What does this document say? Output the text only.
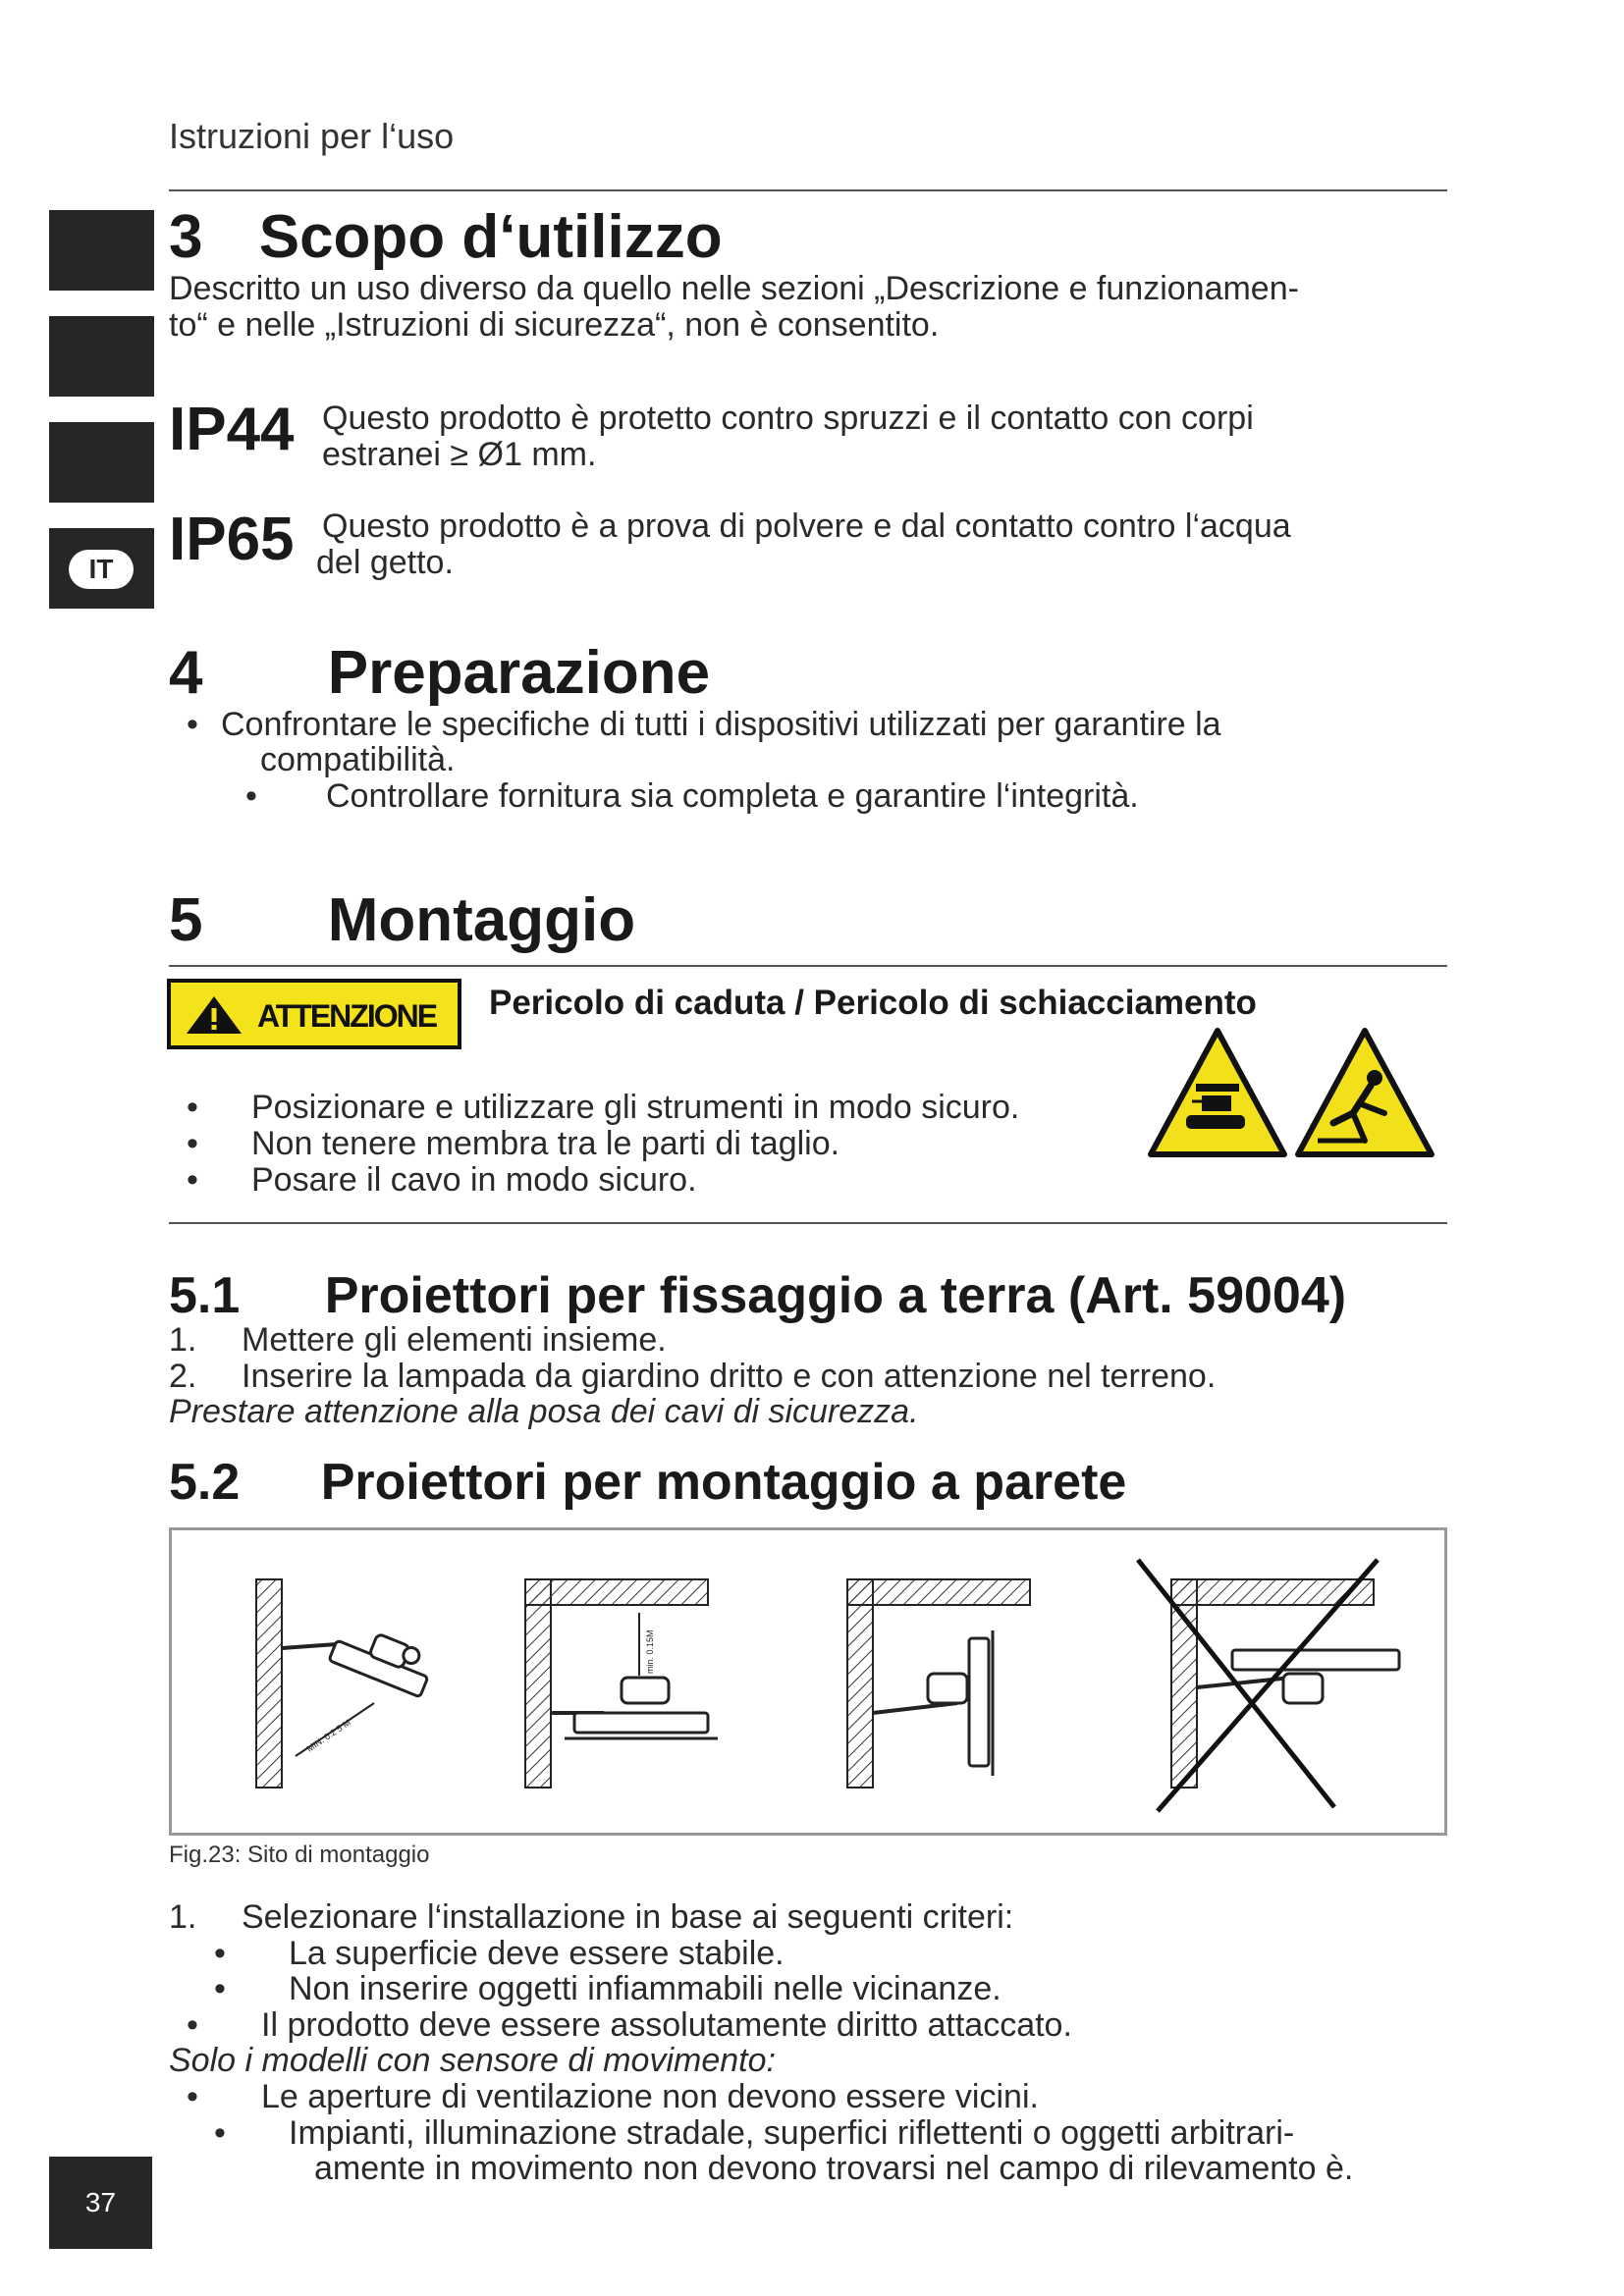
Istruzioni per l‘uso
IT
3 Scopo d‘utilizzo
Descritto un uso diverso da quello nelle sezioni „Descrizione e funzionamen-
to“ e nelle „Istruzioni di sicurezza“, non è consentito.
IP44 Questo prodotto è protetto contro spruzzi e il contatto con corpi
estranei ≥ Ø1 mm.
IP65 Questo prodotto è a prova di polvere e dal contatto contro l‘acqua
del getto.
4 Preparazione
• Confrontare le specifiche di tutti i dispositivi utilizzati per garantire la
compatibilità.
• Controllare fornitura sia completa e garantire l‘integrità.
5 Montaggio
ATTENZIONE Pericolo di caduta / Pericolo di schiacciamento
• Posizionare e utilizzare gli strumenti in modo sicuro.
• Non tenere membra tra le parti di taglio.
• Posare il cavo in modo sicuro.
5.1 Proiettori per fissaggio a terra (Art. 59004)
1. Mettere gli elementi insieme.
2. Inserire la lampada da giardino dritto e con attenzione nel terreno.
Prestare attenzione alla posa dei cavi di sicurezza.
5.2 Proiettori per montaggio a parete
MIN. 0.2 5 M
min. 0.15M
Fig.23: Sito di montaggio
1. Selezionare l‘installazione in base ai seguenti criteri:
• La superficie deve essere stabile.
• Non inserire oggetti infiammabili nelle vicinanze.
• Il prodotto deve essere assolutamente diritto attaccato.
Solo i modelli con sensore di movimento:
• Le aperture di ventilazione non devono essere vicini.
• Impianti, illuminazione stradale, superfici riflettenti o oggetti arbitrari-
amente in movimento non devono trovarsi nel campo di rilevamento è.
37
